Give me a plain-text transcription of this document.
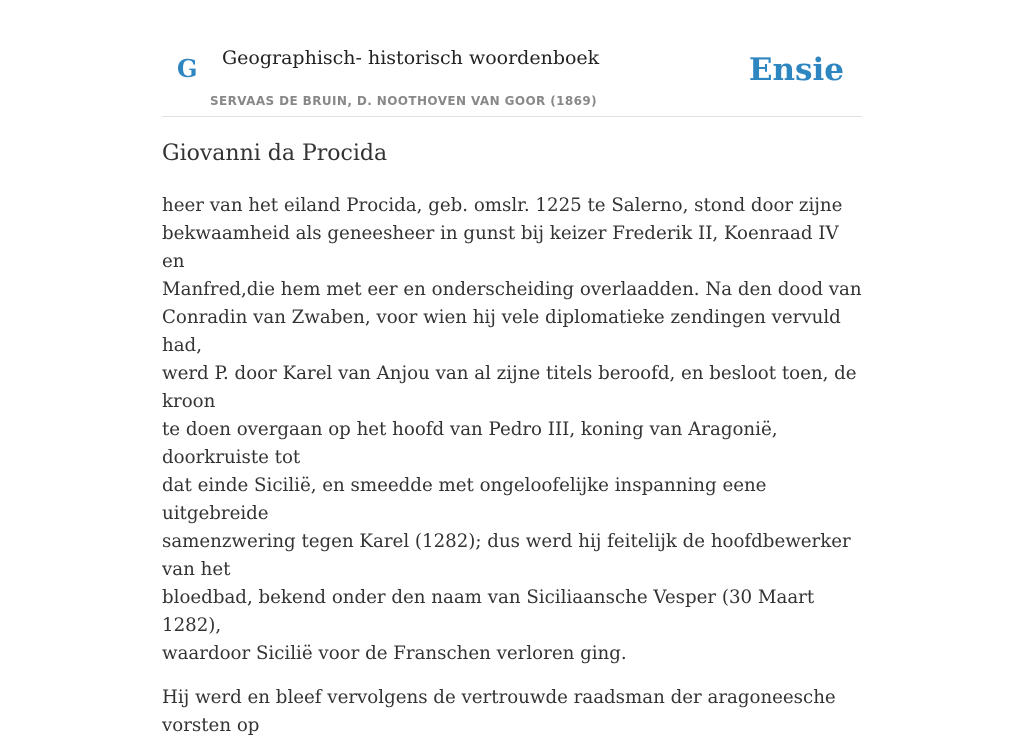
G Geographisch- historisch woordenboek
SERVAAS DE BRUIN, D. NOOTHOVEN VAN GOOR (1869)
Ensie
Giovanni da Procida

heer van het eiland Procida, geb. omslr. 1225 te Salerno, stond door zijne
bekwaamheid als geneesheer in gunst bij keizer Frederik II, Koenraad IV en
Manfred,die hem met eer en onderscheiding overlaadden. Na den dood van
Conradin van Zwaben, voor wien hij vele diplomatieke zendingen vervuld had,
werd P. door Karel van Anjou van al zijne titels beroofd, en besloot toen, de kroon
te doen overgaan op het hoofd van Pedro III, koning van Aragonië, doorkruiste tot
dat einde Sicilië, en smeedde met ongeloofelijke inspanning eene uitgebreide
samenzwering tegen Karel (1282); dus werd hij feitelijk de hoofdbewerker van het
bloedbad, bekend onder den naam van Siciliaansche Vesper (30 Maart 1282),
waardoor Sicilië voor de Franschen verloren ging.

Hij werd en bleef vervolgens de vertrouwde raadsman der aragoneesche vorsten op
